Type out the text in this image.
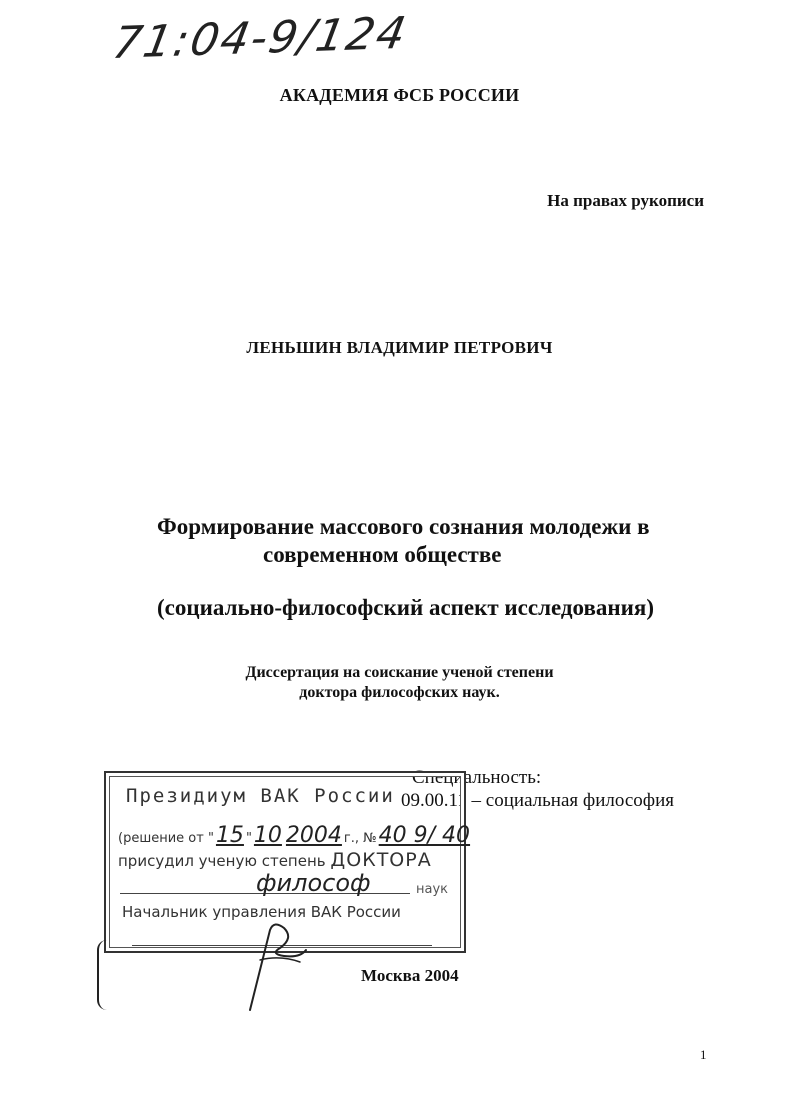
71:04-9/124
АКАДЕМИЯ ФСБ РОССИИ
На правах рукописи
ЛЕНЬШИН ВЛАДИМИР ПЕТРОВИЧ
Формирование массового сознания молодежи в
современном обществе
(социально-философский аспект исследования)
Диссертация на соискание ученой степени
доктора философских наук.
Специальность:
09.00.11 – социальная философия
Президиум ВАК России
(решение от "15 "10 2004 г., №40 9/ 40
присудил ученую степень ДОКТОРА
философ	наук
Начальник управления ВАК России
Москва 2004
1
